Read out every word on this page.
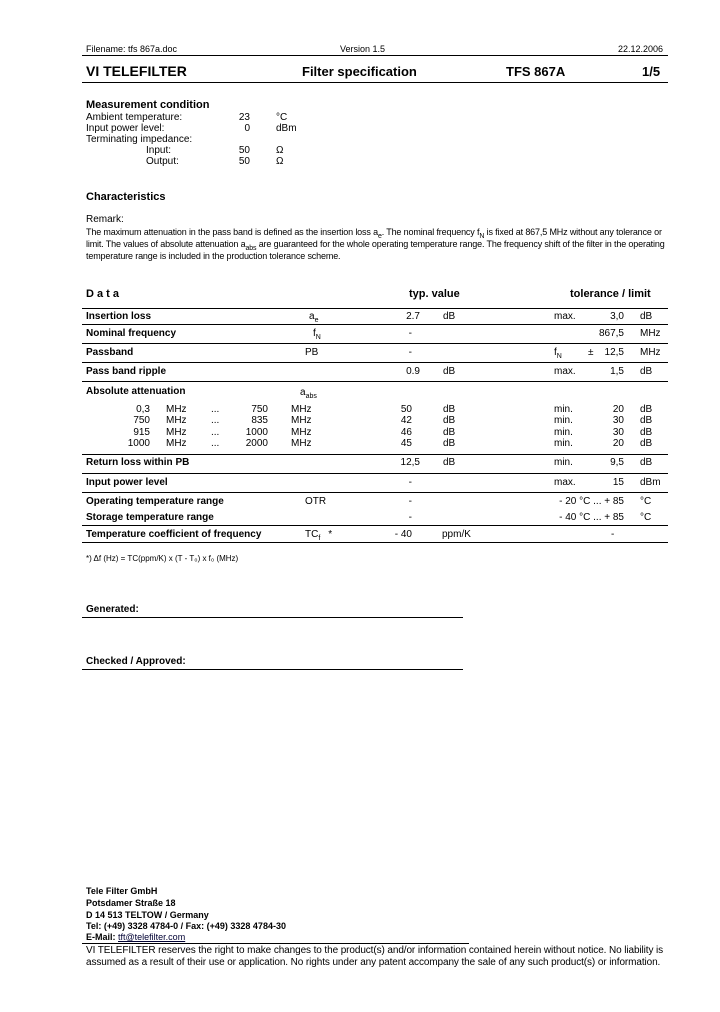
Filename: tfs 867a.doc	Version 1.5	22.12.2006
VI TELEFILTER	Filter specification	TFS 867A	1/5
Measurement condition
Ambient temperature:	23	°C
Input power level:	0	dBm
Terminating impedance:
Input:	50	Ω
Output:	50	Ω
Characteristics
Remark:
The maximum attenuation in the pass band is defined as the insertion loss $a_e$. The nominal frequency $f_N$ is fixed at 867,5 MHz without any tolerance or
limit. The values of absolute attenuation $a_{abs}$ are guaranteed for the whole operating temperature range. The frequency shift of the filter in the operating
temperature range is included in the production tolerance scheme.
D a t a	typ. value	tolerance / limit
Insertion loss	$a_e$	2.7 dB	max.	3,0 dB
Nominal frequency	$f_N$	-	867,5 MHz
Passband	PB	-	$f_N$	±	12,5 MHz
Pass band ripple	0.9 dB	max.	1,5 dB
Absolute attenuation	$a_{abs}$
0,3 MHz ...	750 MHz	50	dB	min.	20 dB
750 MHz ...	835 MHz	42	dB	min.	30 dB
915 MHz ...	1000 MHz	46	dB	min.	30 dB
1000 MHz ...	2000 MHz	45	dB	min.	20 dB
Return loss within PB	12,5 dB	min.	9,5 dB
Input power level	-	max.	15 dBm
Operating temperature range	OTR	-	- 20 °C ... + 85 °C
Storage temperature range	-	- 40 °C ... + 85 °C
Temperature coefficient of frequency	$TC_f$ *	- 40	ppm/K	-
*) Δf (Hz) = TC(ppm/K) x (T - T₀) x f₀ (MHz)
Generated:
Checked / Approved:
Tele Filter GmbH
Potsdamer Straße 18
D 14 513 TELTOW / Germany
Tel: (+49) 3328 4784-0 / Fax: (+49) 3328 4784-30
E-Mail: tft@telefilter.com
VI TELEFILTER reserves the right to make changes to the product(s) and/or information contained herein without notice. No liability is
assumed as a result of their use or application. No rights under any patent accompany the sale of any such product(s) or information.
